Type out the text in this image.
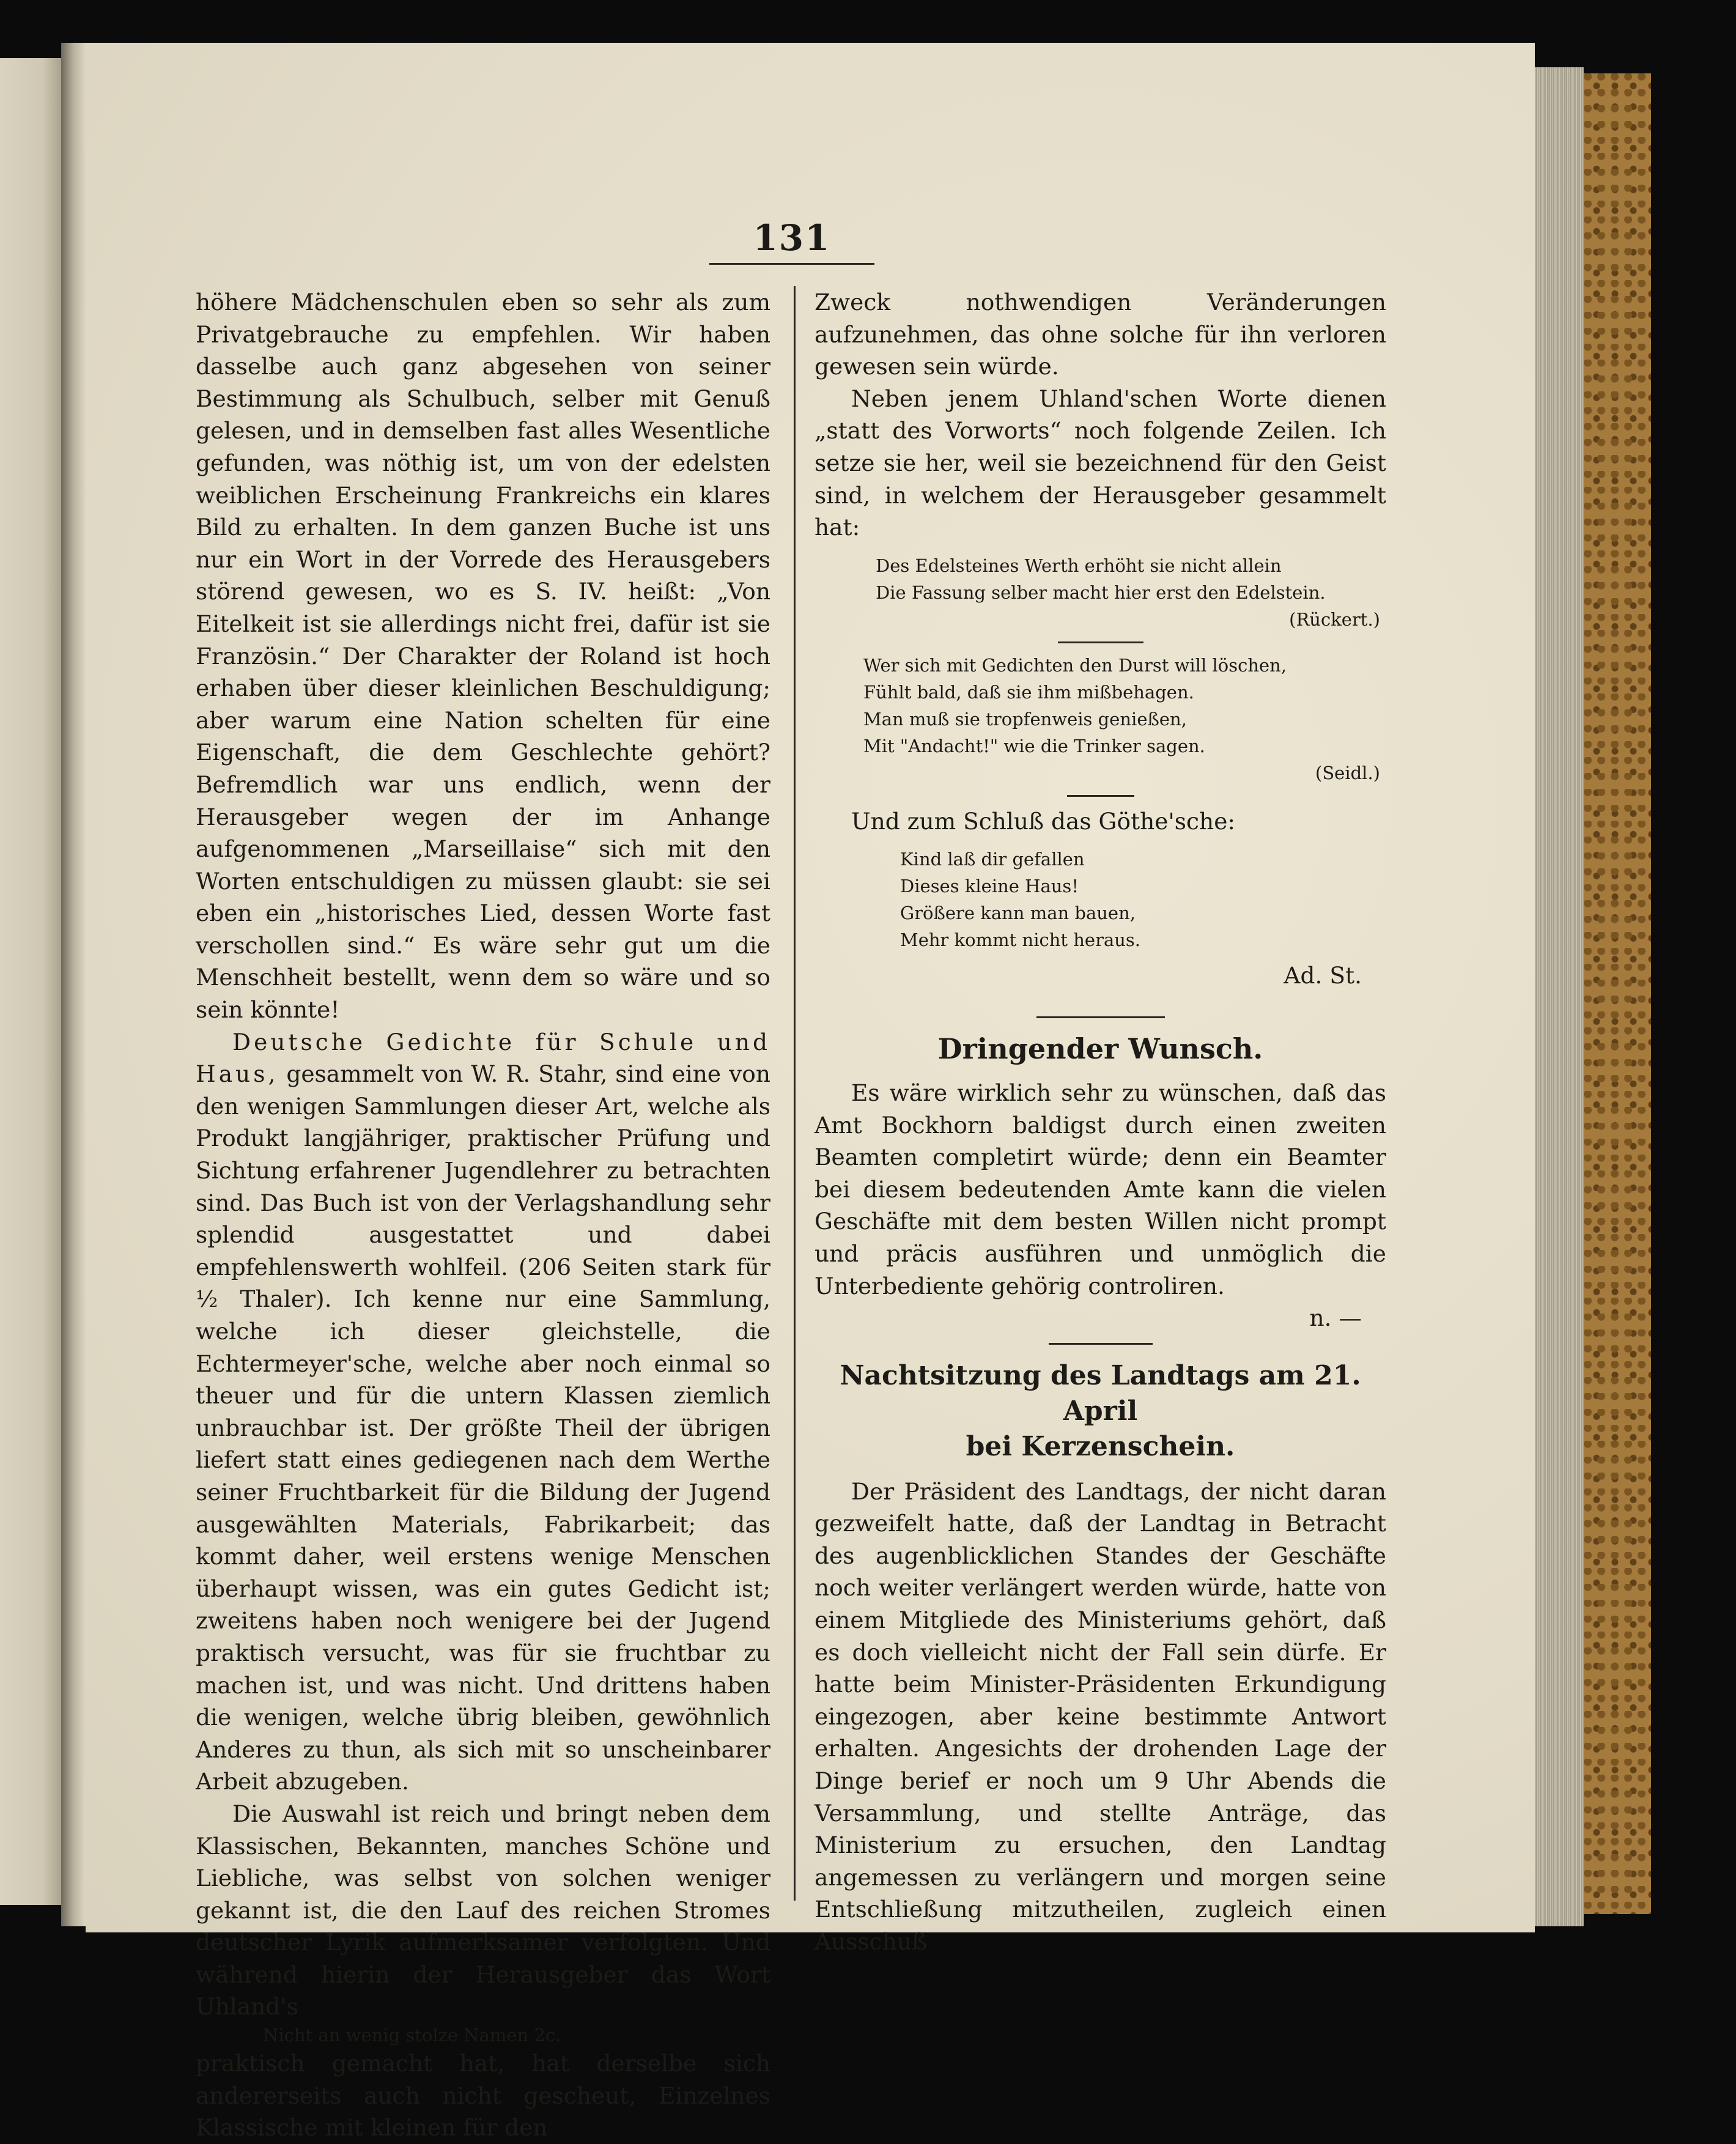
131

höhere Mädchenschulen eben so sehr als zum Privatgebrauche zu empfehlen. Wir haben dasselbe auch ganz abgesehen von seiner Bestimmung als Schulbuch, selber mit Genuß gelesen, und in demselben fast alles Wesentliche gefunden, was nöthig ist, um von der edelsten weiblichen Erscheinung Frankreichs ein klares Bild zu erhalten. In dem ganzen Buche ist uns nur ein Wort in der Vorrede des Herausgebers störend gewesen, wo es S. IV. heißt: „Von Eitelkeit ist sie allerdings nicht frei, dafür ist sie Französin.“ Der Charakter der Roland ist hoch erhaben über dieser kleinlichen Beschuldigung; aber warum eine Nation schelten für eine Eigenschaft, die dem Geschlechte gehört? Befremdlich war uns endlich, wenn der Herausgeber wegen der im Anhange aufgenommenen „Marseillaise“ sich mit den Worten entschuldigen zu müssen glaubt: sie sei eben ein „historisches Lied, dessen Worte fast verschollen sind.“ Es wäre sehr gut um die Menschheit bestellt, wenn dem so wäre und so sein könnte!

Deutsche Gedichte für Schule und Haus, gesammelt von W. R. Stahr, sind eine von den wenigen Sammlungen dieser Art, welche als Produkt langjähriger, praktischer Prüfung und Sichtung erfahrener Jugendlehrer zu betrachten sind. Das Buch ist von der Verlagshandlung sehr splendid ausgestattet und dabei empfehlenswerth wohlfeil. (206 Seiten stark für ½ Thaler). Ich kenne nur eine Sammlung, welche ich dieser gleichstelle, die Echtermeyer'sche, welche aber noch einmal so theuer und für die untern Klassen ziemlich unbrauchbar ist. Der größte Theil der übrigen liefert statt eines gediegenen nach dem Werthe seiner Fruchtbarkeit für die Bildung der Jugend ausgewählten Materials, Fabrikarbeit; das kommt daher, weil erstens wenige Menschen überhaupt wissen, was ein gutes Gedicht ist; zweitens haben noch wenigere bei der Jugend praktisch versucht, was für sie fruchtbar zu machen ist, und was nicht. Und drittens haben die wenigen, welche übrig bleiben, gewöhnlich Anderes zu thun, als sich mit so unscheinbarer Arbeit abzugeben.

Die Auswahl ist reich und bringt neben dem Klassischen, Bekannten, manches Schöne und Liebliche, was selbst von solchen weniger gekannt ist, die den Lauf des reichen Stromes deutscher Lyrik aufmerksamer verfolgten. Und während hierin der Herausgeber das Wort Uhland's

Nicht an wenig stolze Namen 2c.

praktisch gemacht hat, hat derselbe sich andererseits auch nicht gescheut, Einzelnes Klassische mit kleinen für den

Zweck nothwendigen Veränderungen aufzunehmen, das ohne solche für ihn verloren gewesen sein würde.

Neben jenem Uhland'schen Worte dienen „statt des Vorworts“ noch folgende Zeilen. Ich setze sie her, weil sie bezeichnend für den Geist sind, in welchem der Herausgeber gesammelt hat:

Des Edelsteines Werth erhöht sie nicht allein
Die Fassung selber macht hier erst den Edelstein.
(Rückert.)
Wer sich mit Gedichten den Durst will löschen,
Fühlt bald, daß sie ihm mißbehagen.
Man muß sie tropfenweis genießen,
Mit "Andacht!" wie die Trinker sagen.
(Seidl.)

Und zum Schluß das Göthe'sche:

Kind laß dir gefallen
Dieses kleine Haus!
Größere kann man bauen,
Mehr kommt nicht heraus.

Ad. St.

Dringender Wunsch.

Es wäre wirklich sehr zu wünschen, daß das Amt Bockhorn baldigst durch einen zweiten Beamten completirt würde; denn ein Beamter bei diesem bedeutenden Amte kann die vielen Geschäfte mit dem besten Willen nicht prompt und präcis ausführen und unmöglich die Unterbediente gehörig controliren.

n. —

Nachtsitzung des Landtags am 21. April
bei Kerzenschein.

Der Präsident des Landtags, der nicht daran gezweifelt hatte, daß der Landtag in Betracht des augenblicklichen Standes der Geschäfte noch weiter verlängert werden würde, hatte von einem Mitgliede des Ministeriums gehört, daß es doch vielleicht nicht der Fall sein dürfe. Er hatte beim Minister-Präsidenten Erkundigung eingezogen, aber keine bestimmte Antwort erhalten. Angesichts der drohenden Lage der Dinge berief er noch um 9 Uhr Abends die Versammlung, und stellte Anträge, das Ministerium zu ersuchen, den Landtag angemessen zu verlängern und morgen seine Entschließung mitzutheilen, zugleich einen Ausschuß
